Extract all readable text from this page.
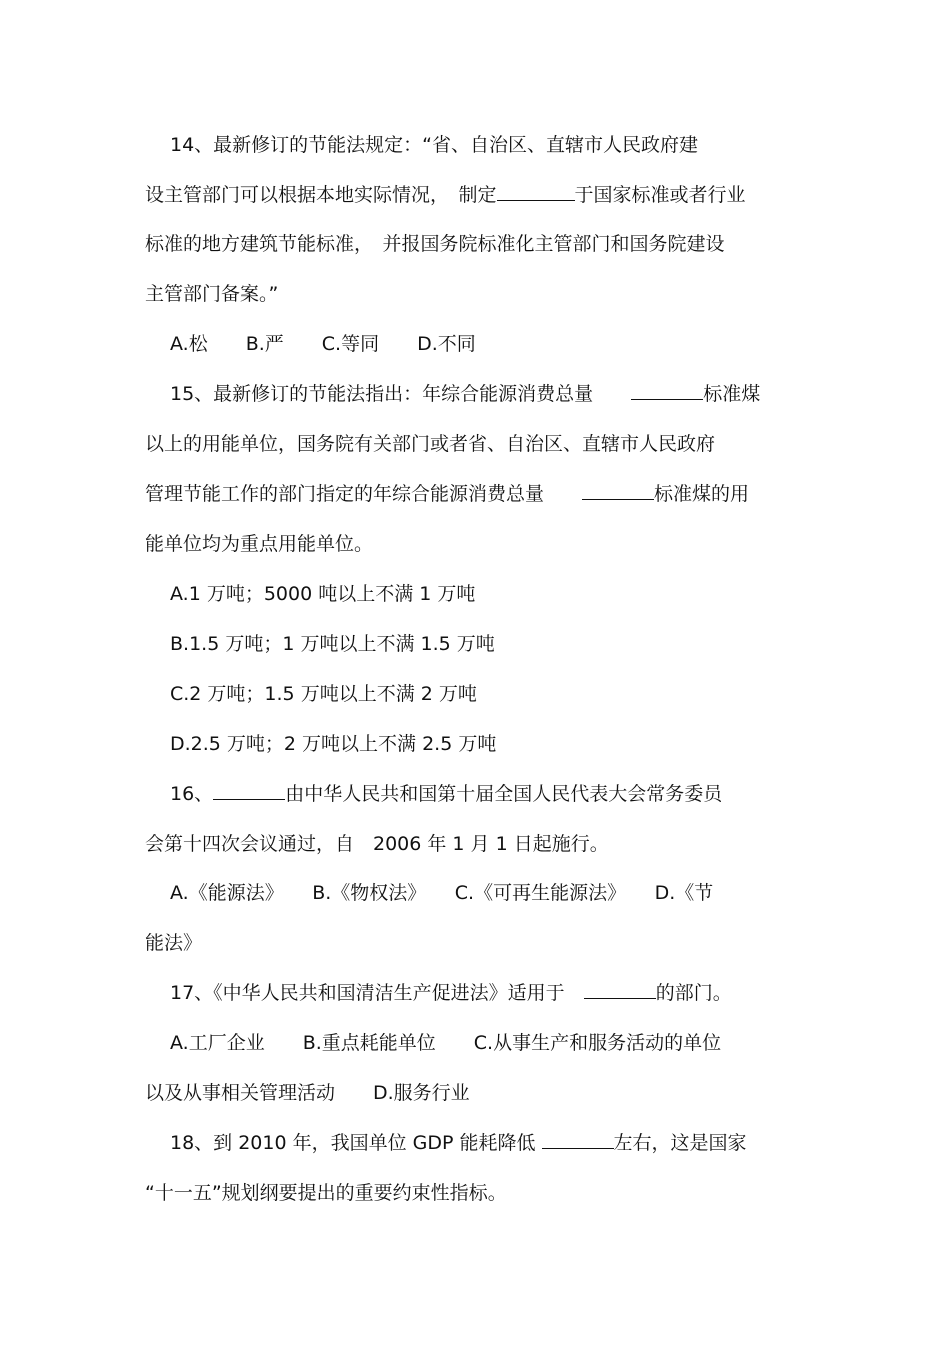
14、最新修订的节能法规定：“省、自治区、直辖市人民政府建
设主管部门可以根据本地实际情况，　制定	于国家标准或者行业
标准的地方建筑节能标准，　并报国务院标准化主管部门和国务院建设
主管部门备案。”
A.松　　B.严　　C.等同　　D.不同
15、最新修订的节能法指出：年综合能源消费总量　　	标准煤
以上的用能单位，国务院有关部门或者省、自治区、直辖市人民政府
管理节能工作的部门指定的年综合能源消费总量　　	标准煤的用
能单位均为重点用能单位。
A.1 万吨；5000 吨以上不满 1 万吨
B.1.5 万吨；1 万吨以上不满 1.5 万吨
C.2 万吨；1.5 万吨以上不满 2 万吨
D.2.5 万吨；2 万吨以上不满 2.5 万吨
16、	由中华人民共和国第十届全国人民代表大会常务委员
会第十四次会议通过，自　2006 年 1 月 1 日起施行。
A.《能源法》　　B.《物权法》　　C.《可再生能源法》　　D.《节
能法》
17、《中华人民共和国清洁生产促进法》适用于　	的部门。
A.工厂企业　　B.重点耗能单位　　C.从事生产和服务活动的单位
以及从事相关管理活动　　D.服务行业
18、到 2010 年，我国单位 GDP 能耗降低	左右，这是国家
“十一五”规划纲要提出的重要约束性指标。
